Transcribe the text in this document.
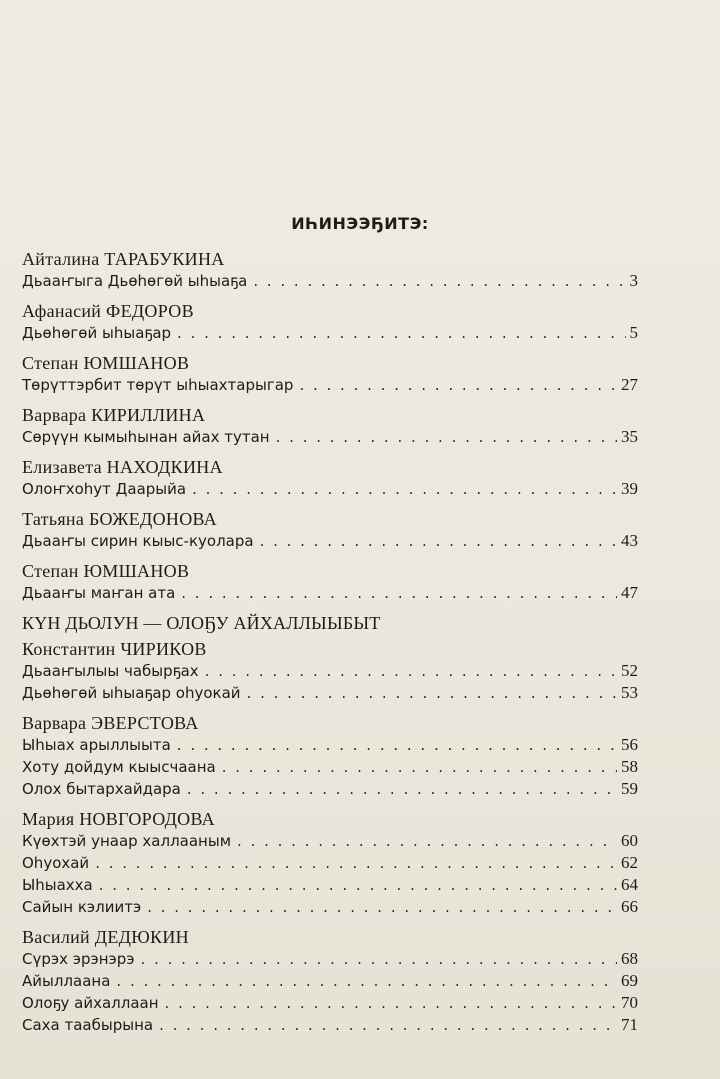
ИҺИНЭЭҔИТЭ:
Айталина ТАРАБУКИНА
Дьааҥыга Дьөһөгөй ыһыаҕа . . .	3
Афанасий ФЕДОРОВ
Дьөһөгөй ыһыаҕар . . .	5
Степан ЮМШАНОВ
Төрүттэрбит төрүт ыһыахтарыгар . . .	27
Варвара КИРИЛЛИНА
Сөрүүн кымыһынан айах тутан . . .	35
Елизавета НАХОДКИНА
Олоҥхоһут Даарыйа . . .	39
Татьяна БОЖЕДОНОВА
Дьааҥы сирин кыыс-куолара . . .	43
Степан ЮМШАНОВ
Дьааҥы маҥан ата . . .	47
КҮН ДЬОЛУН — ОЛОҔУ АЙХАЛЛЫЫБЫТ
Константин ЧИРИКОВ
Дьааҥылыы чабырҕах . . .	52
Дьөһөгөй ыһыаҕар оһуокай . . .	53
Варвара ЭВЕРСТОВА
Ыһыах арыллыыта . . .	56
Хоту дойдум кыысчаана . . .	58
Олох бытархайдара . . .	59
Мария НОВГОРОДОВА
Күөхтэй унаар халлааным . . .	60
Оһуохай . . .	62
Ыһыахха . . .	64
Сайын кэлиитэ . . .	66
Василий ДЕДЮКИН
Сүрэх эрэнэрэ . . .	68
Айыллаана . . .	69
Олоҕу айхаллаан . . .	70
Саха таабырына . . .	71
